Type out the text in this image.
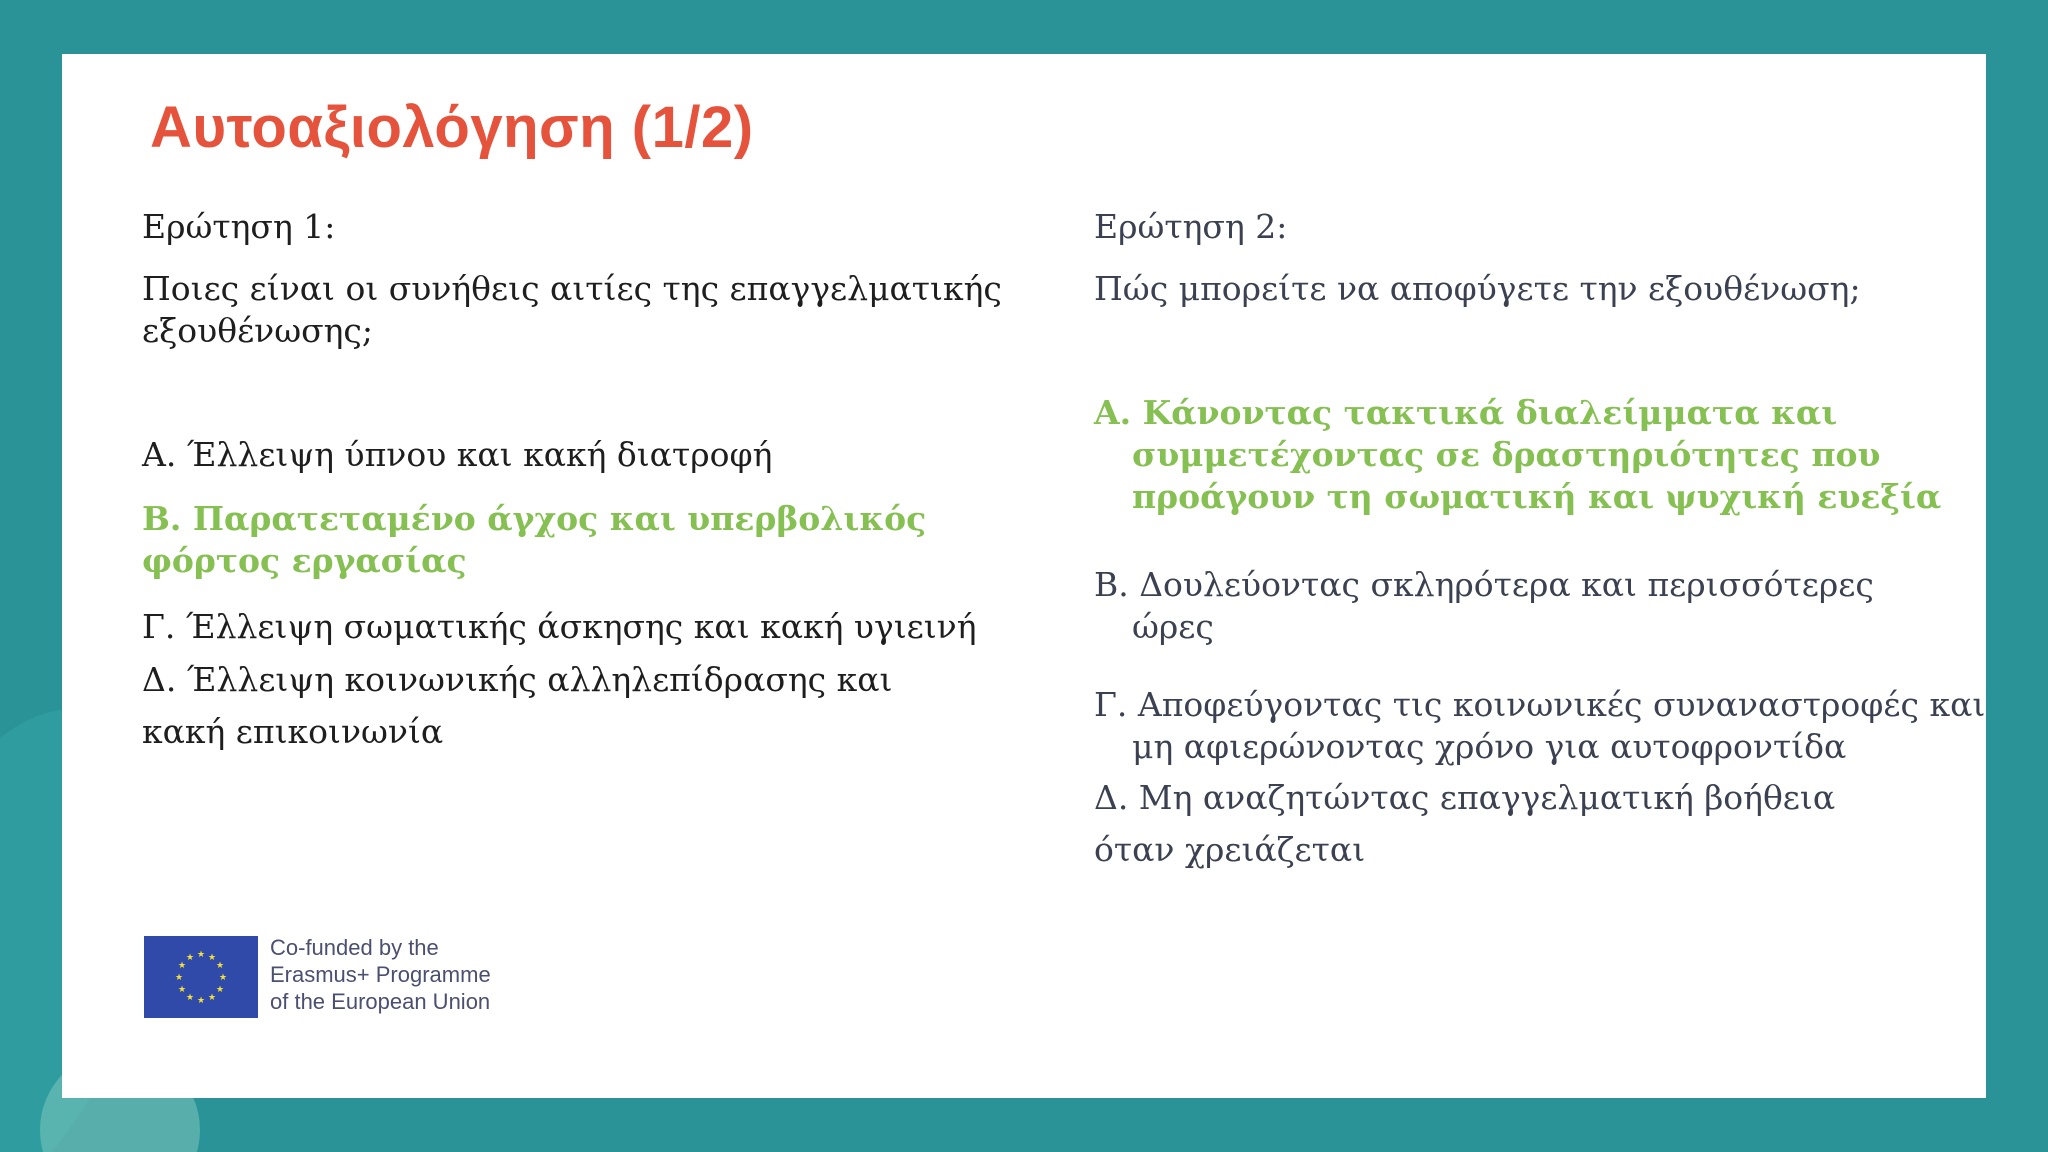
Αυτοαξιολόγηση (1/2)
Ερώτηση 1:
Ποιες είναι οι συνήθεις αιτίες της επαγγελματικής εξουθένωσης;
Α. Έλλειψη ύπνου και κακή διατροφή
Β. Παρατεταμένο άγχος και υπερβολικός φόρτος εργασίας
Γ. Έλλειψη σωματικής άσκησης και κακή υγιεινή
Δ. Έλλειψη κοινωνικής αλληλεπίδρασης και κακή επικοινωνία
Ερώτηση 2:
Πώς μπορείτε να αποφύγετε την εξουθένωση;
Α. Κάνοντας τακτικά διαλείμματα και συμμετέχοντας σε δραστηριότητες που προάγουν τη σωματική και ψυχική ευεξία
Β. Δουλεύοντας σκληρότερα και περισσότερες ώρες
Γ. Αποφεύγοντας τις κοινωνικές συναναστροφές και μη αφιερώνοντας χρόνο για αυτοφροντίδα
Δ. Μη αναζητώντας επαγγελματική βοήθεια όταν χρειάζεται
★ ★
★
★
★
★
★
★
★
★
★
★	Co-funded by the
Erasmus+ Programme
of the European Union
